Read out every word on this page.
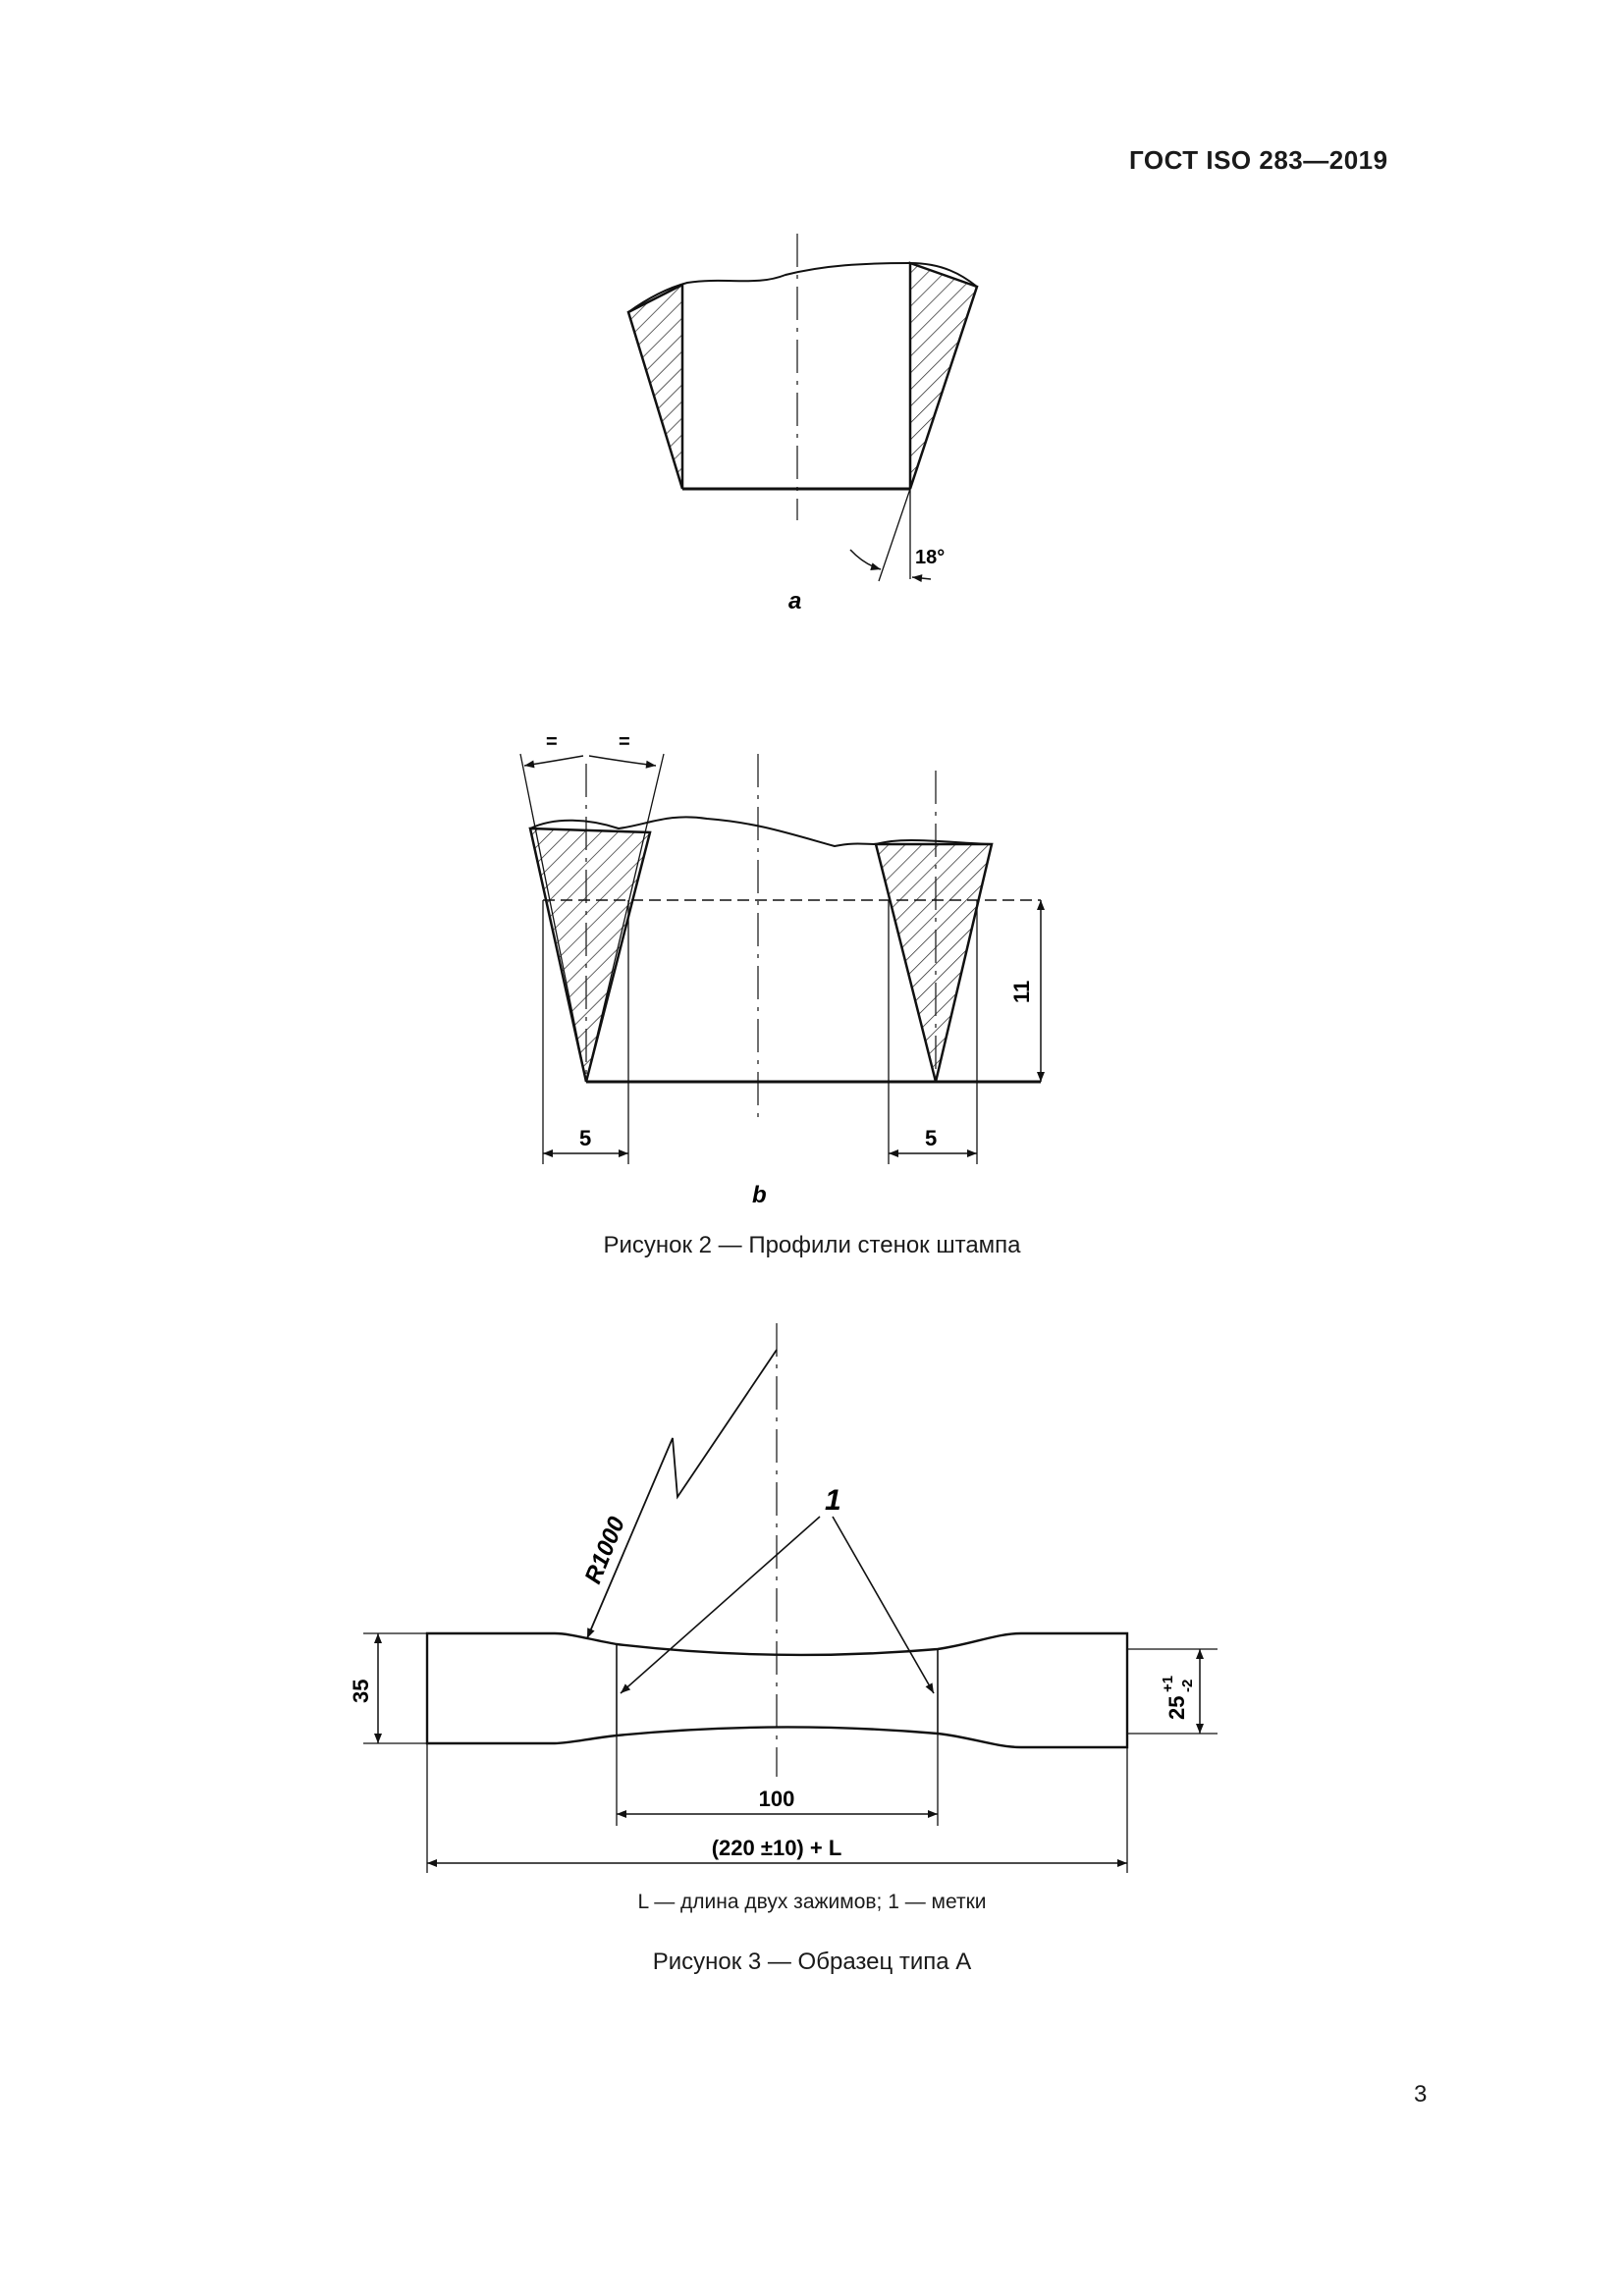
ГОСТ ISO 283—2019
18°
a
=	=
5	5
11
b
R1000
1
35
25
+1 -2
100
(220 ±10) + L
Рисунок 2 — Профили стенок штампа
L — длина двух зажимов; 1 — метки
Рисунок 3 — Образец типа A
3
